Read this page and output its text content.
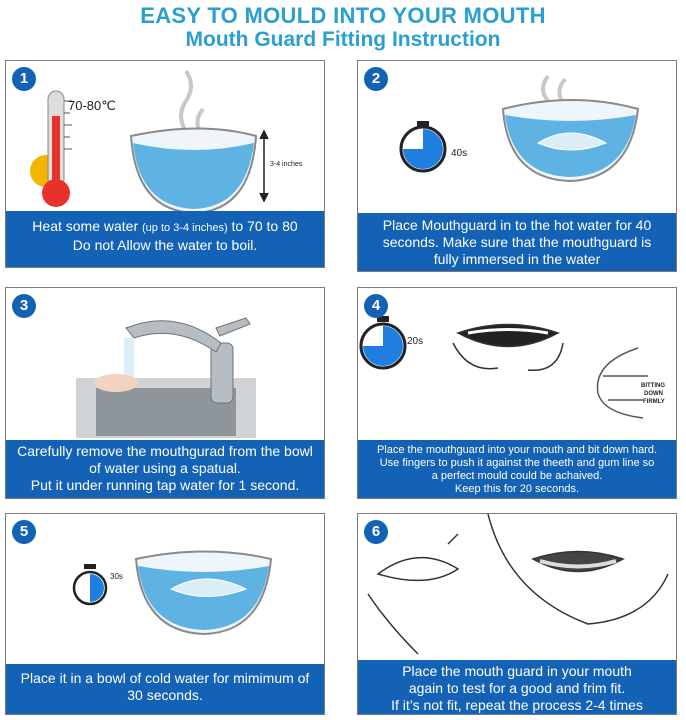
EASY TO MOULD INTO YOUR MOUTH
Mouth Guard Fitting Instruction
1
70-80℃
3-4 inches
Heat some water (up to 3-4 inches) to 70 to 80
Do not Allow the water to boil.
2
40s
Place Mouthguard in to the hot water for 40 seconds. Make sure that the mouthguard is fully immersed in the water
3
Carefully remove the mouthgurad from the bowl of water using a spatual.
Put it under running tap water for 1 second.
4
20s
BITTING
DOWN
FIRMLY
Place the mouthguard into your mouth and bit down hard.
Use fingers to push it against the theeth and gum line so
a perfect mould could be achaived.
Keep this for 20 seconds.
5
30s
Place it in a bowl of cold water for mimimum of 30 seconds.
6
Place the mouth guard in your mouth
again to test for a good and frim fit.
If it’s not fit, repeat the process 2-4 times
